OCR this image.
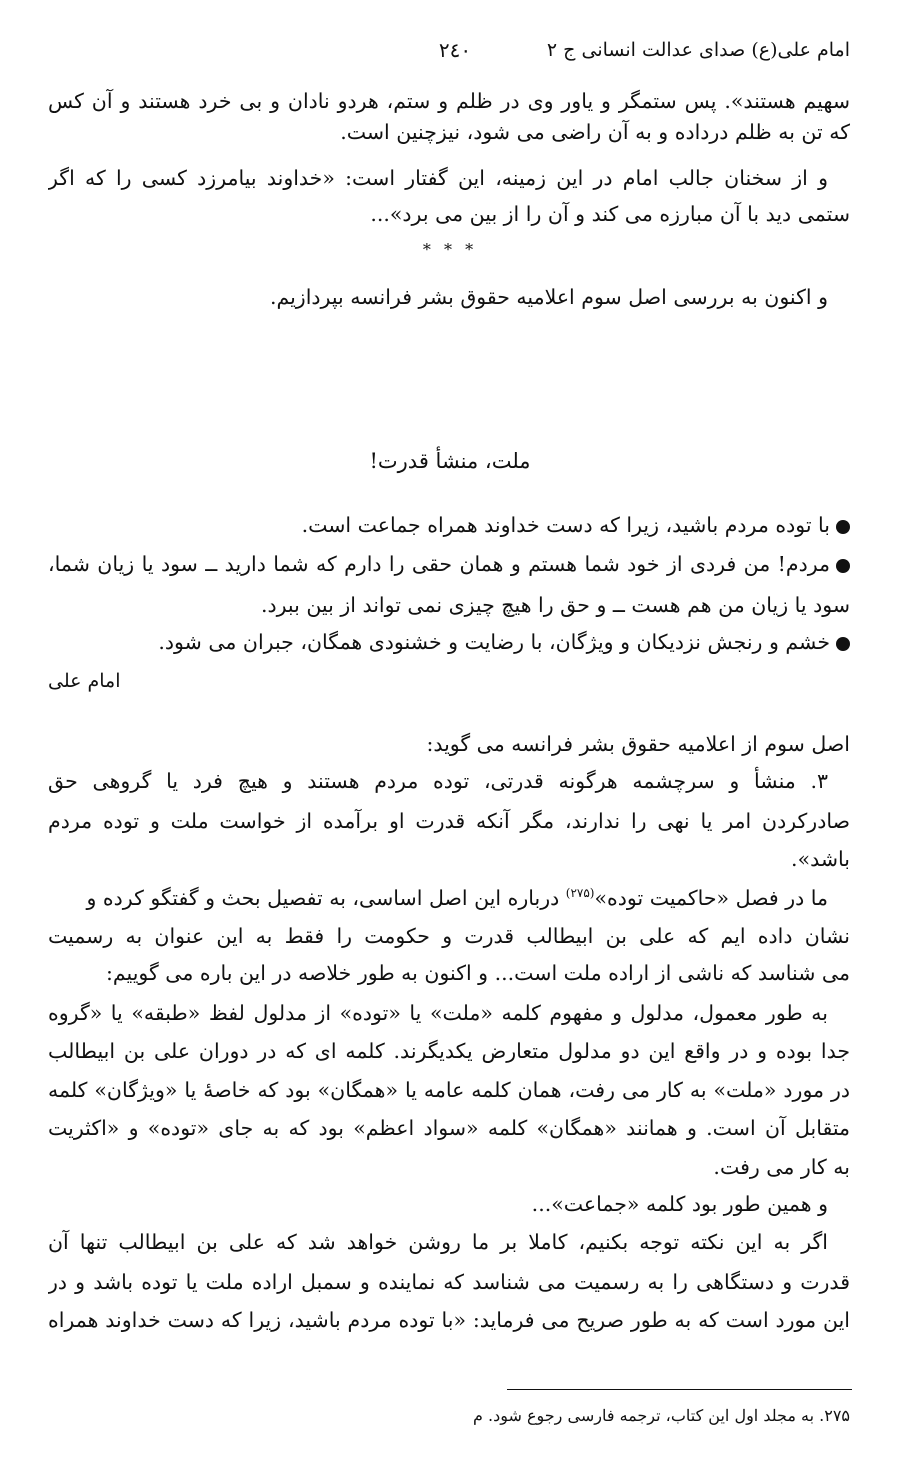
امام علی(ع) صدای عدالت انسانی ج ۲
۲٤۰
سهیم هستند». پس ستمگر و یاور وی در ظلم و ستم، هردو نادان و بی خرد هستند و آن کس
که تن به ظلم درداده و به آن راضی می شود، نیزچنین است.
و از سخنان جالب امام در این زمینه، این گفتار است: «خداوند بیامرزد کسی را که اگر
ستمی دید با آن مبارزه می کند و آن را از بین می برد»...
* * *
و اکنون به بررسی اصل سوم اعلامیه حقوق بشر فرانسه بپردازیم.
ملت، منشأ قدرت!
با توده مردم باشید، زیرا که دست خداوند همراه جماعت است.
مردم! من فردی از خود شما هستم و همان حقی را دارم که شما دارید ــ سود یا زیان شما،
سود یا زیان من هم هست ــ و حق را هیچ چیزی نمی تواند از بین ببرد.
خشم و رنجش نزدیکان و ویژگان، با رضایت و خشنودی همگان، جبران می شود.
امام علی
اصل سوم از اعلامیه حقوق بشر فرانسه می گوید:
۳. منشأ و سرچشمه هرگونه قدرتی، توده مردم هستند و هیچ فرد یا گروهی حق
صادرکردن امر یا نهی را ندارند، مگر آنکه قدرت او برآمده از خواست ملت و توده مردم
باشد».
ما در فصل «حاکمیت توده»$^{(۲۷۵)}$ درباره این اصل اساسی، به تفصیل بحث و گفتگو کرده و
نشان داده ایم که علی بن ابیطالب قدرت و حکومت را فقط به این عنوان به رسمیت
می شناسد که ناشی از اراده ملت است... و اکنون به طور خلاصه در این باره می گوییم:
به طور معمول، مدلول و مفهوم کلمه «ملت» یا «توده» از مدلول لفظ «طبقه» یا «گروه
جدا بوده و در واقع این دو مدلول متعارض یکدیگرند. کلمه ای که در دوران علی بن ابیطالب
در مورد «ملت» به کار می رفت، همان کلمه عامه یا «همگان» بود که خاصهٔ یا «ویژگان» کلمه
متقابل آن است. و همانند «همگان» کلمه «سواد اعظم» بود که به جای «توده» و «اکثریت
به کار می رفت.
و همین طور بود کلمه «جماعت»...
اگر به این نکته توجه بکنیم، کاملا بر ما روشن خواهد شد که علی بن ابیطالب تنها آن
قدرت و دستگاهی را به رسمیت می شناسد که نماینده و سمبل اراده ملت یا توده باشد و در
این مورد است که به طور صریح می فرماید: «با توده مردم باشید، زیرا که دست خداوند همراه
۲۷۵. به مجلد اول این کتاب، ترجمه فارسی رجوع شود. م
